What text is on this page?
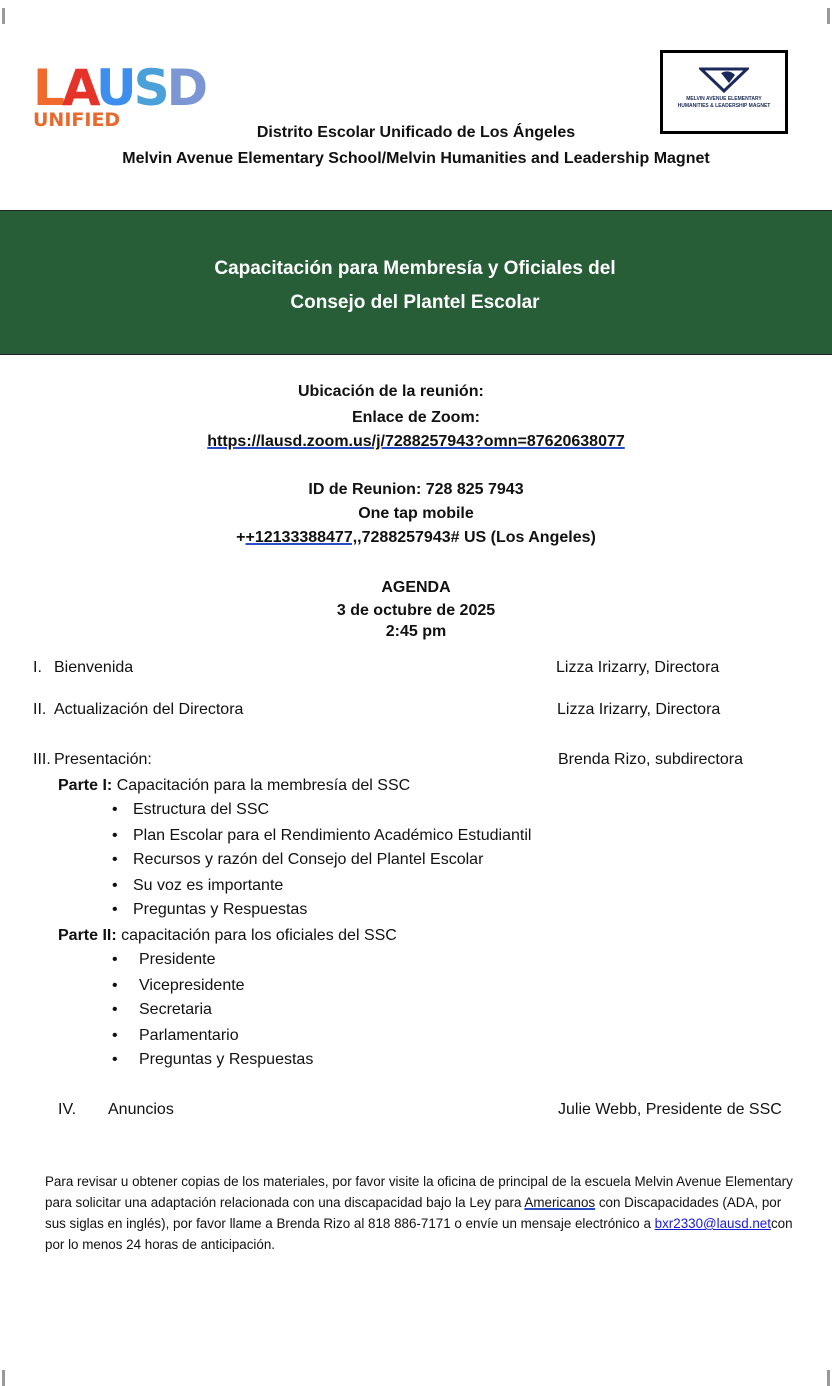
LAUSD
UNIFIED
MELVIN AVENUE ELEMENTARY
HUMANITIES & LEADERSHIP MAGNET
Distrito Escolar Unificado de Los Ángeles
Melvin Avenue Elementary School/Melvin Humanities and Leadership Magnet
Capacitación para Membresía y Oficiales del
Consejo del Plantel Escolar
Ubicación de la reunión:
Enlace de Zoom:
https://lausd.zoom.us/j/7288257943?omn=87620638077
ID de Reunion: 728 825 7943
One tap mobile
++12133388477,,7288257943# US (Los Angeles)
AGENDA
3 de octubre de 2025
2:45 pm
I. Bienvenida	Lizza Irizarry, Directora
II. Actualización del Directora	Lizza Irizarry, Directora
III. Presentación:	Brenda Rizo, subdirectora
Parte I: Capacitación para la membresía del SSC
• Estructura del SSC
• Plan Escolar para el Rendimiento Académico Estudiantil
• Recursos y razón del Consejo del Plantel Escolar
• Su voz es importante
• Preguntas y Respuestas
Parte II: capacitación para los oficiales del SSC
• Presidente
• Vicepresidente
• Secretaria
• Parlamentario
• Preguntas y Respuestas
IV. Anuncios	Julie Webb, Presidente de SSC
Para revisar u obtener copias de los materiales, por favor visite la oficina de principal de la escuela Melvin Avenue Elementary para solicitar una adaptación relacionada con una discapacidad bajo la Ley para Americanos con Discapacidades (ADA, por sus siglas en inglés), por favor llame a Brenda Rizo al 818 886-7171 o envíe un mensaje electrónico a bxr2330@lausd.netcon por lo menos 24 horas de anticipación.
